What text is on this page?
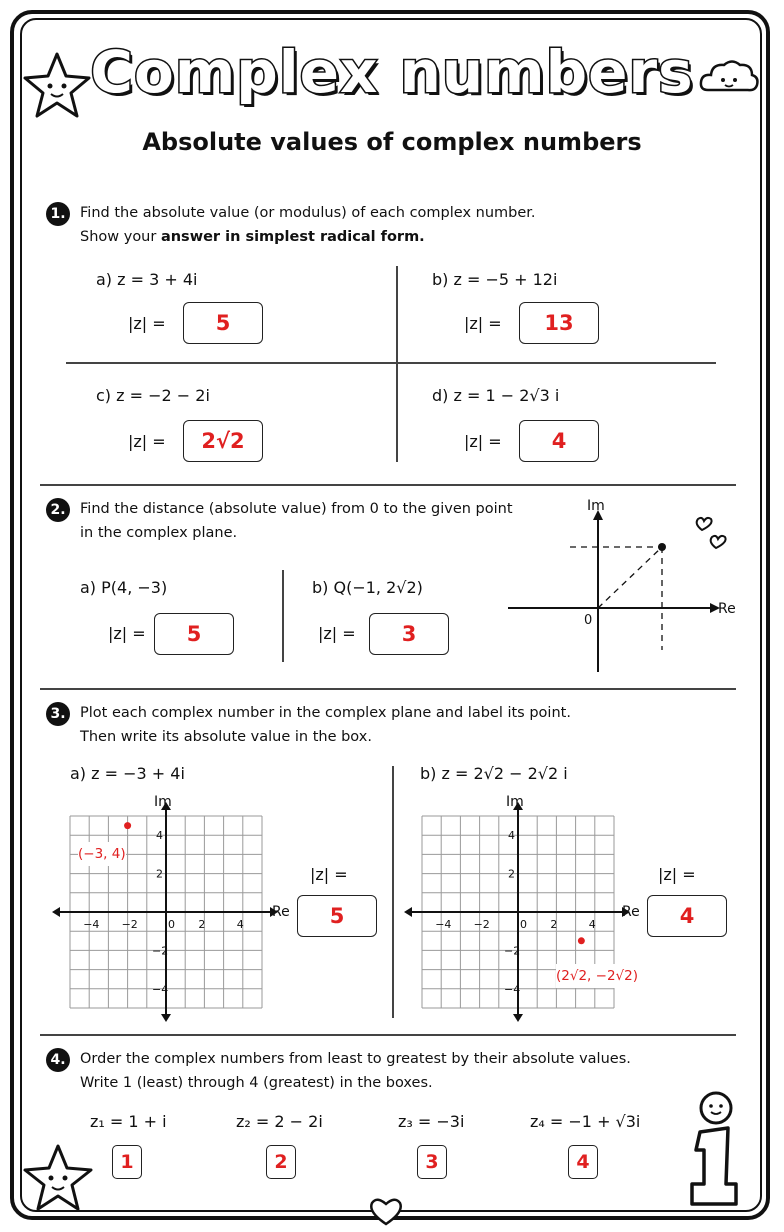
Complex numbers
Absolute values of complex numbers
1. Find the absolute value (or modulus) of each complex number.
Show your answer in simplest radical form.
a) z = 3 + 4i
|z| =	5
b) z = −5 + 12i
|z| =	13
c) z = −2 − 2i
|z| =	2√2
d) z = 1 − 2√3 i
|z| =	4
2. Find the distance (absolute value) from 0 to the given point
in the complex plane.
a) P(4, −3)
|z| =	5
b) Q(−1, 2√2)
|z| =	3
Im
Re
0
3. Plot each complex number in the complex plane and label its point.
Then write its absolute value in the box.
a) z = −3 + 4i	b) z = 2√2 − 2√2 i
−4 −2	0 2	4
4
2
−2
−4
Im
Re
(−3, 4)
|z| =
5	−4 −2	0 2	4
4
2
−2
−4
Im
Re
(2√2, −2√2)
|z| =
4
4. Order the complex numbers from least to greatest by their absolute values.
Write 1 (least) through 4 (greatest) in the boxes.
z₁ = 1 + i
1
z₂ = 2 − 2i
2
z₃ = −3i
3
z₄ = −1 + √3i
4
